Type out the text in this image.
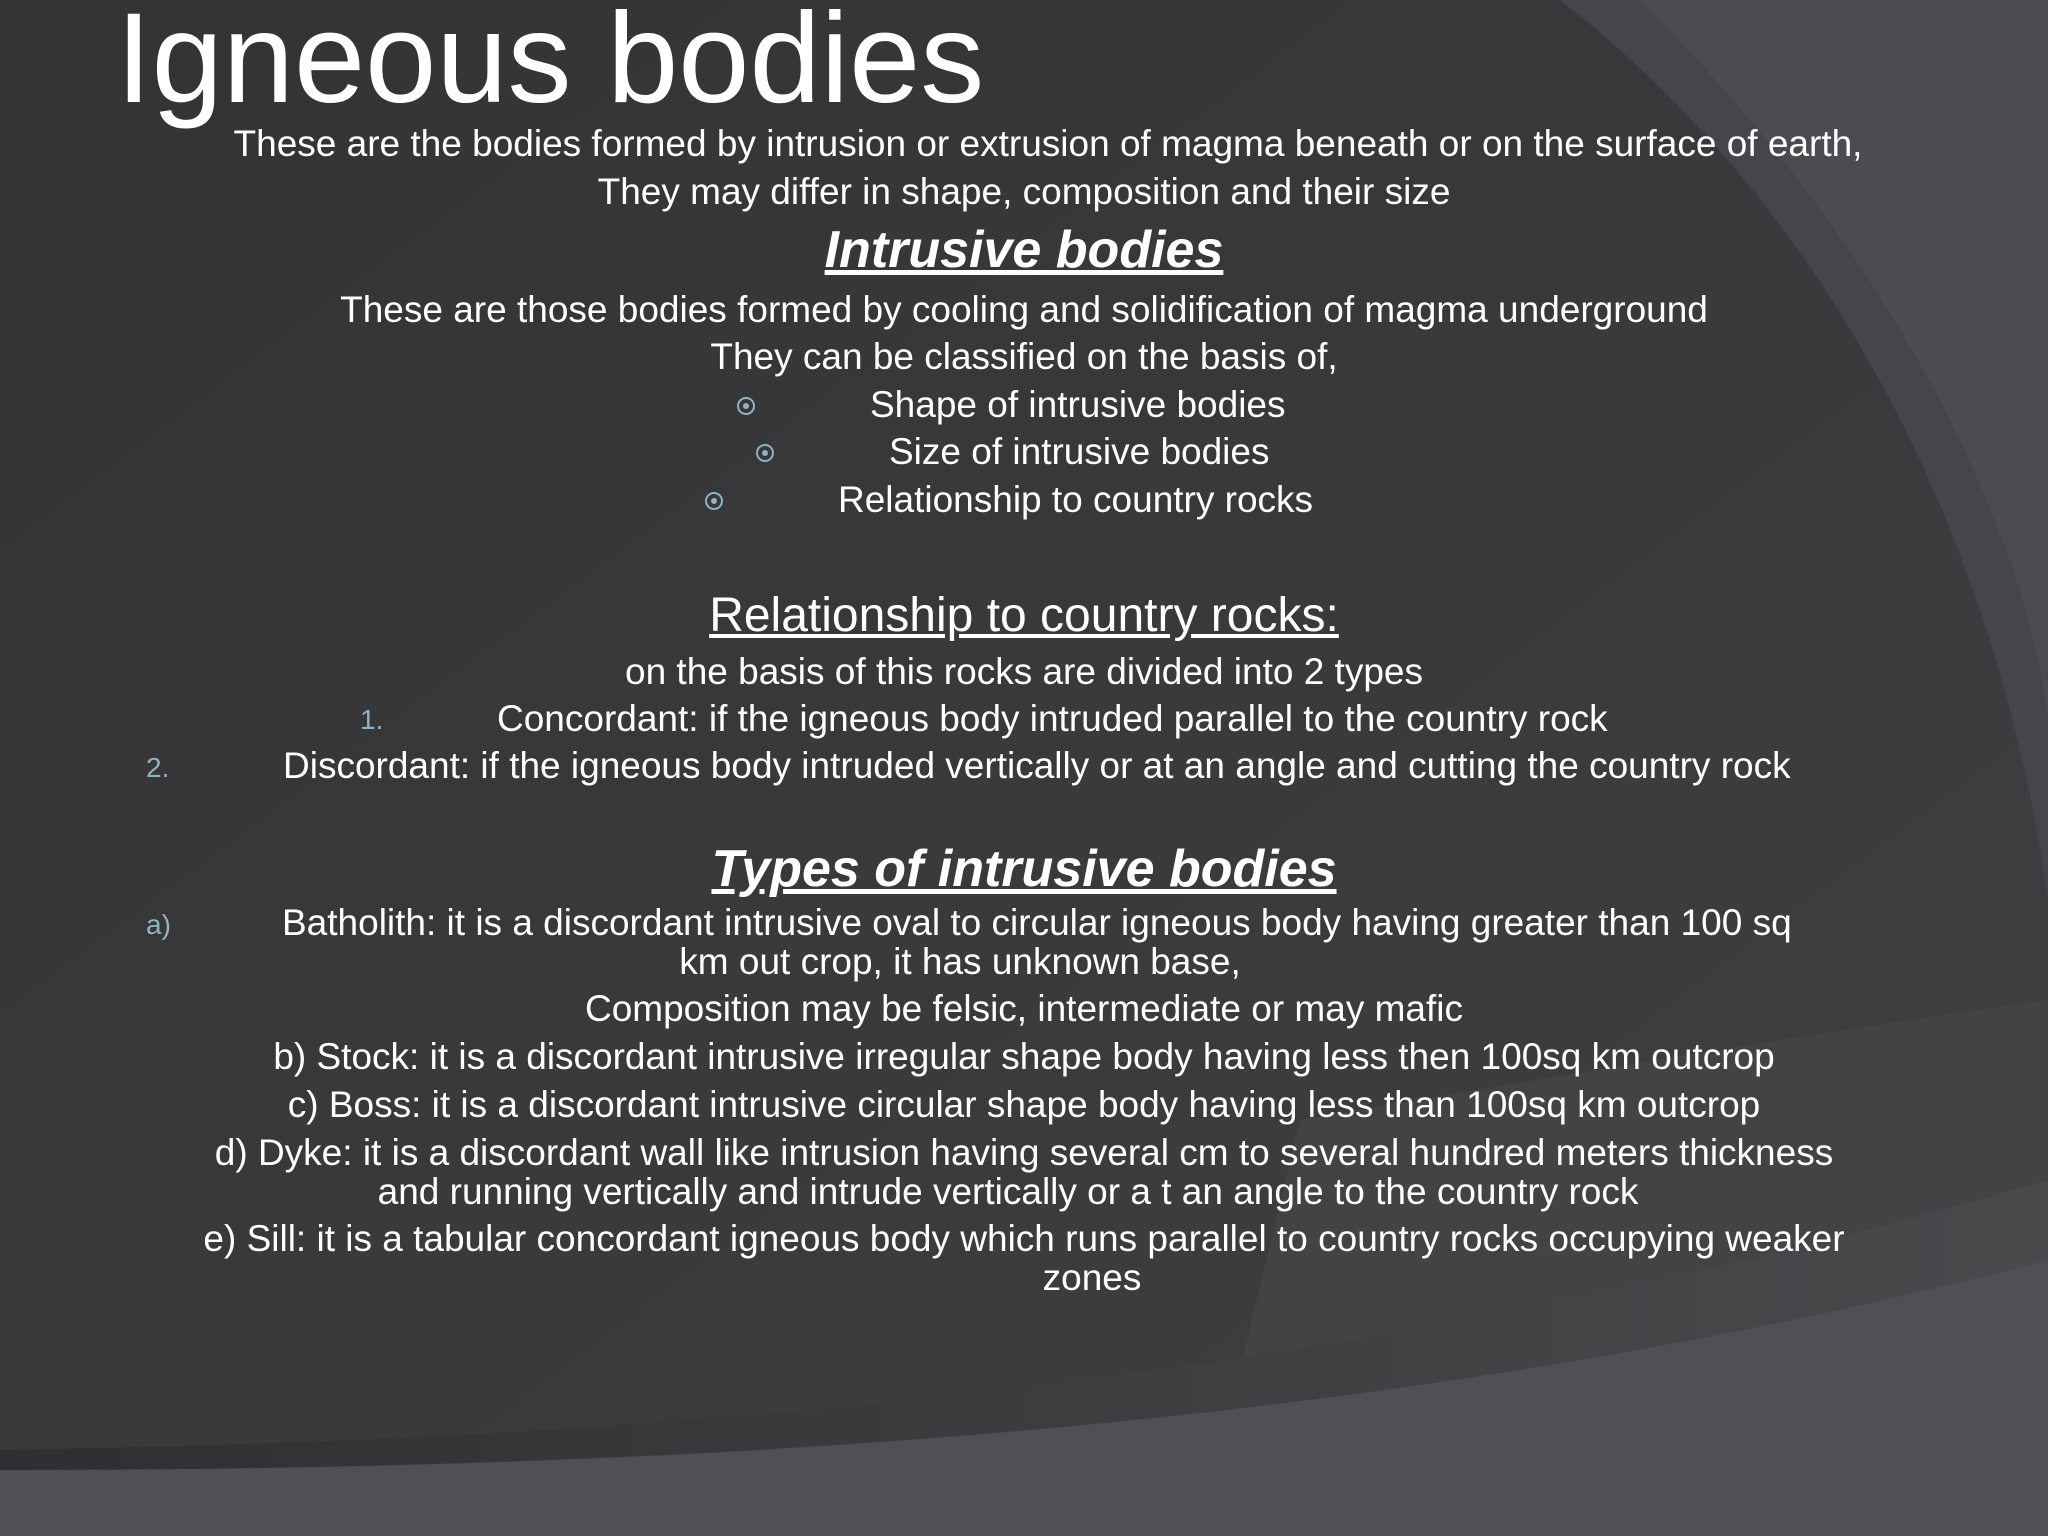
Igneous bodies
These are the bodies formed by intrusion or extrusion of magma beneath or on the surface of earth,
They may differ in shape, composition and their size
Intrusive bodies
These are those bodies formed by cooling and solidification of magma underground
They can be classified on the basis of,
Shape of intrusive bodies
Size of intrusive bodies
Relationship to country rocks
Relationship to country rocks:
on the basis of this rocks are divided into 2 types
1.	Concordant: if the igneous body intruded parallel to the country rock
2.	Discordant: if the igneous body intruded vertically or at an angle and cutting the country rock
Types of intrusive bodies
a)	Batholith: it is a discordant intrusive oval to circular igneous body having greater than 100 sq
km out crop, it has unknown base,
Composition may be felsic, intermediate or may mafic
b) Stock: it is a discordant intrusive irregular shape body having less then 100sq km outcrop
c) Boss: it is a discordant intrusive circular shape body having less than 100sq km outcrop
d) Dyke: it is a discordant wall like intrusion having several cm to several hundred meters thickness
and running vertically and intrude vertically or a t an angle to the country rock
e) Sill: it is a tabular concordant igneous body which runs parallel to country rocks occupying weaker
zones
